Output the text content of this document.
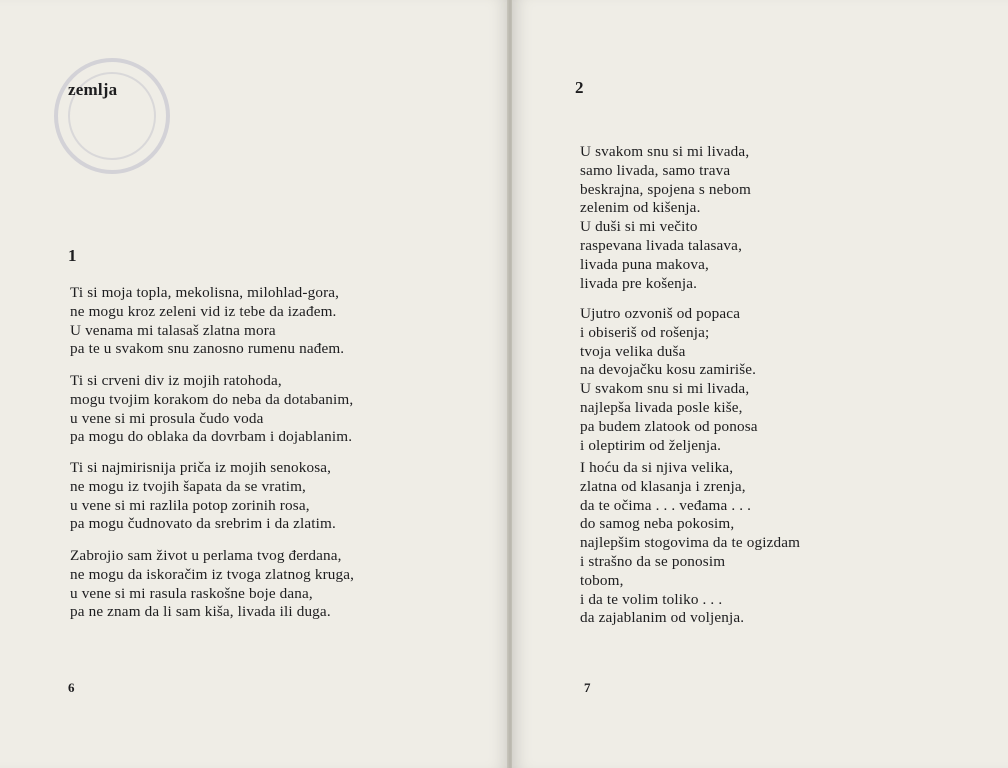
zemlja
1
Ti si moja topla, mekolisna, milohlad-gora,
ne mogu kroz zeleni vid iz tebe da izađem.
U venama mi talasaš zlatna mora
pa te u svakom snu zanosno rumenu nađem.
Ti si crveni div iz mojih ratohoda,
mogu tvojim korakom do neba da dotabanim,
u vene si mi prosula čudo voda
pa mogu do oblaka da dovrbam i dojablanim.
Ti si najmirisnija priča iz mojih senokosa,
ne mogu iz tvojih šapata da se vratim,
u vene si mi razlila potop zorinih rosa,
pa mogu čudnovato da srebrim i da zlatim.
Zabrojio sam život u perlama tvog đerdana,
ne mogu da iskoračim iz tvoga zlatnog kruga,
u vene si mi rasula raskošne boje dana,
pa ne znam da li sam kiša, livada ili duga.
6
2
U svakom snu si mi livada,
samo livada, samo trava
beskrajna, spojena s nebom
zelenim od kišenja.
U duši si mi večito
raspevana livada talasava,
livada puna makova,
livada pre košenja.
Ujutro ozvoniš od popaca
i obiseriš od rošenja;
tvoja velika duša
na devojačku kosu zamiriše.
U svakom snu si mi livada,
najlepša livada posle kiše,
pa budem zlatook od ponosa
i oleptirim od željenja.
I hoću da si njiva velika,
zlatna od klasanja i zrenja,
da te očima . . . veđama . . .
do samog neba pokosim,
najlepšim stogovima da te ogizdam
i strašno da se ponosim
tobom,
i da te volim toliko . . .
da zajablanim od voljenja.
7
